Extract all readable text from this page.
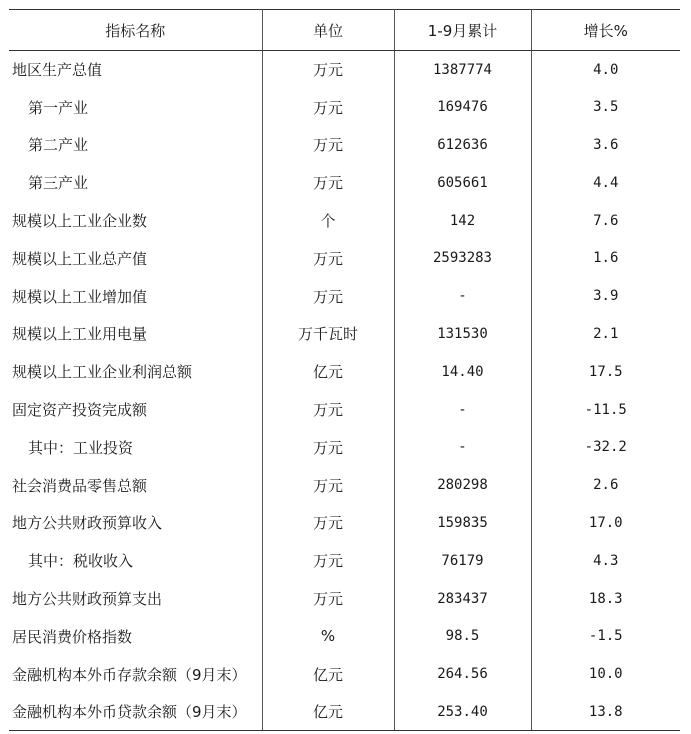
指标名称	单位	1-9月累计	增长%
地区生产总值	万元	1387774	4.0
第一产业	万元	169476	3.5
第二产业	万元	612636	3.6
第三产业	万元	605661	4.4
规模以上工业企业数	个	142	7.6
规模以上工业总产值	万元	2593283	1.6
规模以上工业增加值	万元	-	3.9
规模以上工业用电量	万千瓦时	131530	2.1
规模以上工业企业利润总额	亿元	14.40	17.5
固定资产投资完成额	万元	-	-11.5
其中：工业投资	万元	-	-32.2
社会消费品零售总额	万元	280298	2.6
地方公共财政预算收入	万元	159835	17.0
其中：税收收入	万元	76179	4.3
地方公共财政预算支出	万元	283437	18.3
居民消费价格指数	%	98.5	-1.5
金融机构本外币存款余额（9月末）	亿元	264.56	10.0
金融机构本外币贷款余额（9月末）	亿元	253.40	13.8
